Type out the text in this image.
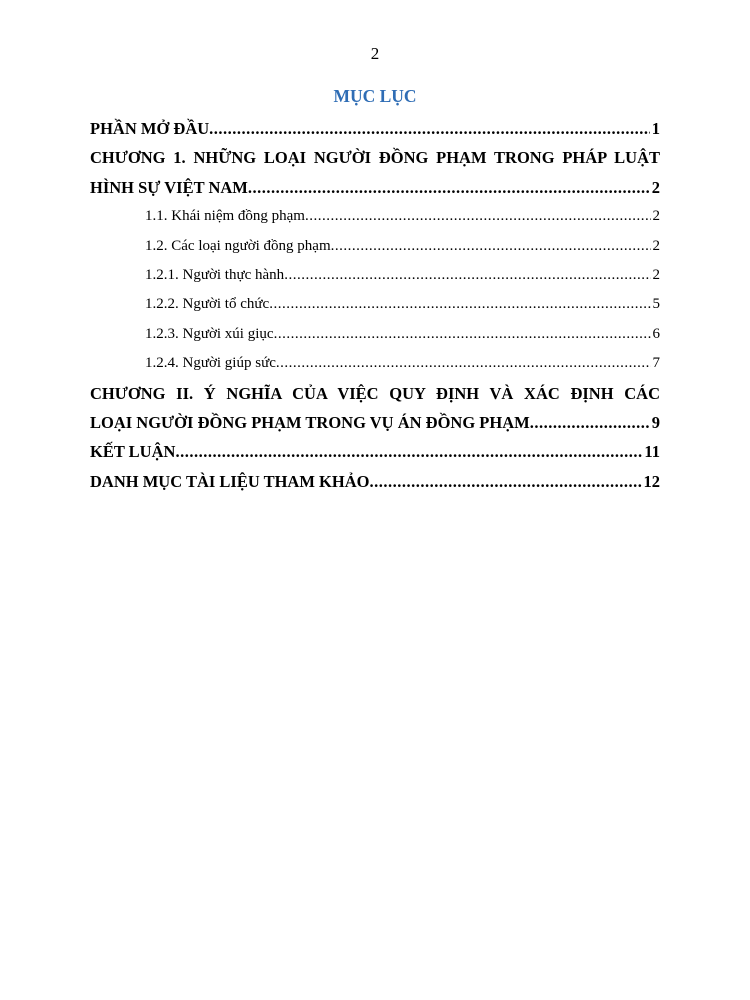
2
MỤC LỤC
PHẦN MỞ ĐẦU .....	1
CHƯƠNG 1. NHỮNG LOẠI NGƯỜI ĐỒNG PHẠM TRONG PHÁP LUẬT
HÌNH SỰ VIỆT NAM .....	2
1.1. Khái niệm đồng phạm .....	2
1.2. Các loại người đồng phạm .....	2
1.2.1. Người thực hành .....	2
1.2.2. Người tổ chức .....	5
1.2.3. Người xúi giục .....	6
1.2.4. Người giúp sức .....	7
CHƯƠNG II. Ý NGHĨA CỦA VIỆC QUY ĐỊNH VÀ XÁC ĐỊNH CÁC
LOẠI NGƯỜI ĐỒNG PHẠM TRONG VỤ ÁN ĐỒNG PHẠM .....	9
KẾT LUẬN .....	11
DANH MỤC TÀI LIỆU THAM KHẢO .....	12
